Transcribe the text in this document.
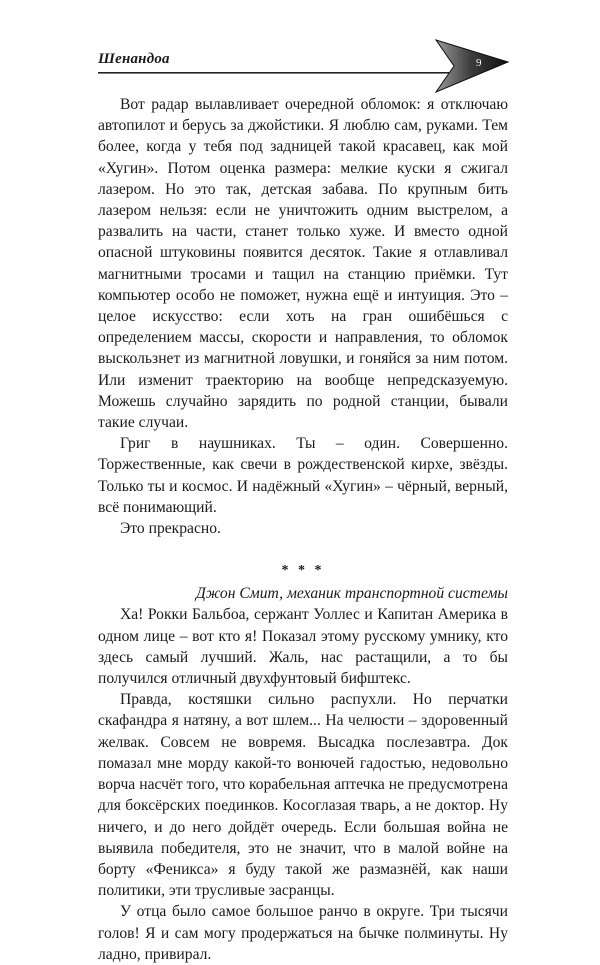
Шенандоа	9

Вот радар вылавливает очередной обломок: я отключаю автопилот и берусь за джойстики. Я люблю сам, руками. Тем более, когда у тебя под задницей такой красавец, как мой «Хугин». Потом оценка размера: мелкие куски я сжигал лазером. Но это так, детская забава. По крупным бить лазером нельзя: если не уничтожить одним выстрелом, а развалить на части, станет только хуже. И вместо одной опасной штуковины появится десяток. Такие я отлавливал магнитными тросами и тащил на станцию приёмки. Тут компьютер особо не поможет, нужна ещё и интуиция. Это – целое искусство: если хоть на гран ошибёшься с определением массы, скорости и направления, то обломок выскользнет из магнитной ловушки, и гоняйся за ним потом. Или изменит траекторию на вообще непредсказуемую. Можешь случайно зарядить по родной станции, бывали такие случаи.

Григ в наушниках. Ты – один. Совершенно. Торжественные, как свечи в рождественской кирхе, звёзды. Только ты и космос. И надёжный «Хугин» – чёрный, верный, всё понимающий.

Это прекрасно.

* * *

Джон Смит, механик транспортной системы

Ха! Рокки Бальбоа, сержант Уоллес и Капитан Америка в одном лице – вот кто я! Показал этому русскому умнику, кто здесь самый лучший. Жаль, нас растащили, а то бы получился отличный двухфунтовый бифштекс.

Правда, костяшки сильно распухли. Но перчатки скафандра я натяну, а вот шлем... На челюсти – здоровенный желвак. Совсем не вовремя. Высадка послезавтра. Док помазал мне морду какой-то вонючей гадостью, недовольно ворча насчёт того, что корабельная аптечка не предусмотрена для боксёрских поединков. Косоглазая тварь, а не доктор. Ну ничего, и до него дойдёт очередь. Если большая война не выявила победителя, это не значит, что в малой войне на борту «Феникса» я буду такой же размазнёй, как наши политики, эти трусливые засранцы.

У отца было самое большое ранчо в округе. Три тысячи голов! Я и сам могу продержаться на бычке полминуты. Ну ладно, привирал.
